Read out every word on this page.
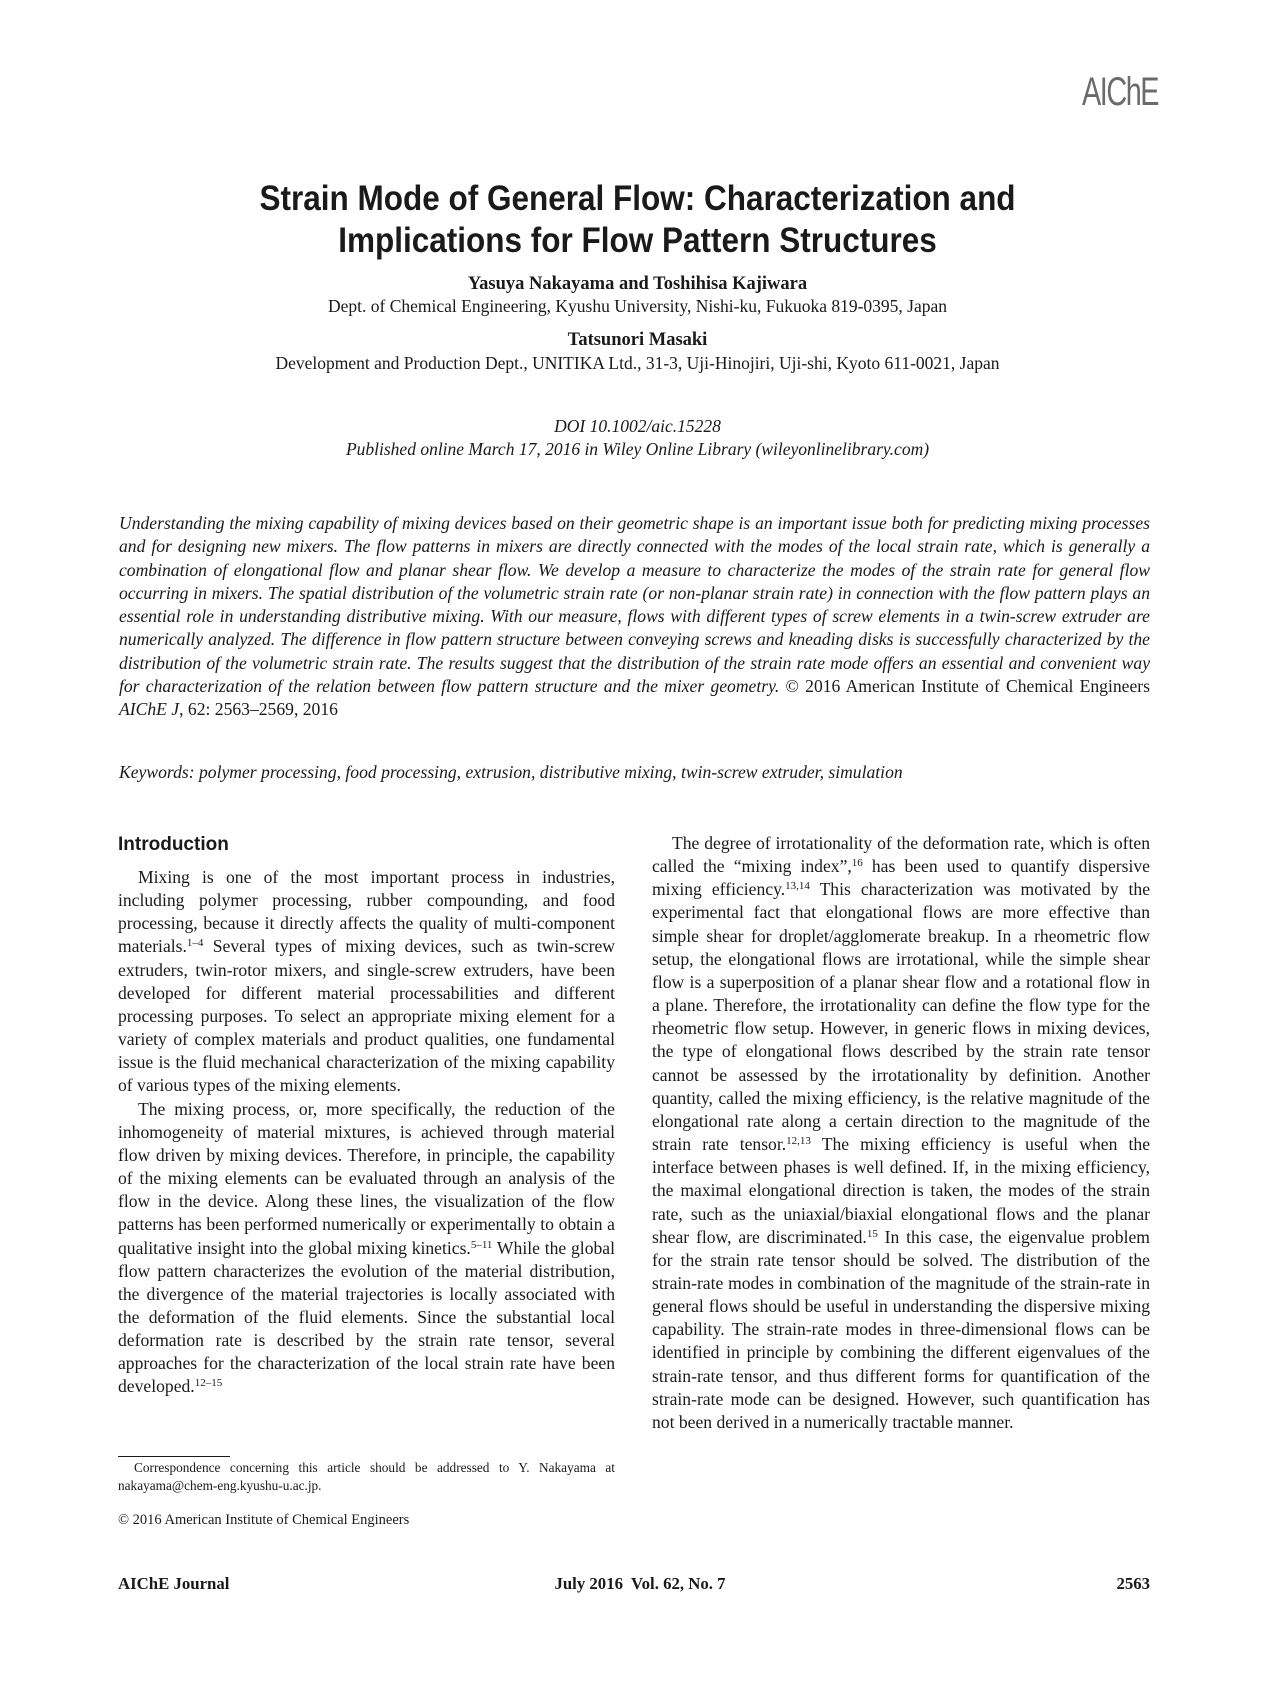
AIChE
Strain Mode of General Flow: Characterization and Implications for Flow Pattern Structures

Yasuya Nakayama and Toshihisa Kajiwara

Dept. of Chemical Engineering, Kyushu University, Nishi-ku, Fukuoka 819-0395, Japan

Tatsunori Masaki

Development and Production Dept., UNITIKA Ltd., 31-3, Uji-Hinojiri, Uji-shi, Kyoto 611-0021, Japan

DOI 10.1002/aic.15228

Published online March 17, 2016 in Wiley Online Library (wileyonlinelibrary.com)

Understanding the mixing capability of mixing devices based on their geometric shape is an important issue both for predicting mixing processes and for designing new mixers. The flow patterns in mixers are directly connected with the modes of the local strain rate, which is generally a combination of elongational flow and planar shear flow. We develop a measure to characterize the modes of the strain rate for general flow occurring in mixers. The spatial distribution of the volumetric strain rate (or non-planar strain rate) in connection with the flow pattern plays an essential role in understanding distributive mixing. With our measure, flows with different types of screw elements in a twin-screw extruder are numerically analyzed. The difference in flow pattern structure between conveying screws and kneading disks is successfully characterized by the distribution of the volumetric strain rate. The results suggest that the distribution of the strain rate mode offers an essential and convenient way for characterization of the relation between flow pattern structure and the mixer geometry. © 2016 American Institute of Chemical Engineers AIChE J, 62: 2563–2569, 2016

Keywords: polymer processing, food processing, extrusion, distributive mixing, twin-screw extruder, simulation

Introduction

Mixing is one of the most important process in industries, including polymer processing, rubber compounding, and food processing, because it directly affects the quality of multi-component materials.$^{1-4}$ Several types of mixing devices, such as twin-screw extruders, twin-rotor mixers, and single-screw extruders, have been developed for different material processabilities and different processing purposes. To select an appropriate mixing element for a variety of complex materials and product qualities, one fundamental issue is the fluid mechanical characterization of the mixing capability of various types of the mixing elements.

The mixing process, or, more specifically, the reduction of the inhomogeneity of material mixtures, is achieved through material flow driven by mixing devices. Therefore, in principle, the capability of the mixing elements can be evaluated through an analysis of the flow in the device. Along these lines, the visualization of the flow patterns has been performed numerically or experimentally to obtain a qualitative insight into the global mixing kinetics.$^{5-11}$ While the global flow pattern characterizes the evolution of the material distribution, the divergence of the material trajectories is locally associated with the deformation of the fluid elements. Since the substantial local deformation rate is described by the strain rate tensor, several approaches for the characterization of the local strain rate have been developed.$^{12-15}$

The degree of irrotationality of the deformation rate, which is often called the “mixing index”,$^{16}$ has been used to quantify dispersive mixing efficiency.$^{13,14}$ This characterization was motivated by the experimental fact that elongational flows are more effective than simple shear for droplet/agglomerate breakup. In a rheometric flow setup, the elongational flows are irrotational, while the simple shear flow is a superposition of a planar shear flow and a rotational flow in a plane. Therefore, the irrotationality can define the flow type for the rheometric flow setup. However, in generic flows in mixing devices, the type of elongational flows described by the strain rate tensor cannot be assessed by the irrotationality by definition. Another quantity, called the mixing efficiency, is the relative magnitude of the elongational rate along a certain direction to the magnitude of the strain rate tensor.$^{12,13}$ The mixing efficiency is useful when the interface between phases is well defined. If, in the mixing efficiency, the maximal elongational direction is taken, the modes of the strain rate, such as the uniaxial/biaxial elongational flows and the planar shear flow, are discriminated.$^{15}$ In this case, the eigenvalue problem for the strain rate tensor should be solved. The distribution of the strain-rate modes in combination of the magnitude of the strain-rate in general flows should be useful in understanding the dispersive mixing capability. The strain-rate modes in three-dimensional flows can be identified in principle by combining the different eigenvalues of the strain-rate tensor, and thus different forms for quantification of the strain-rate mode can be designed. However, such quantification has not been derived in a numerically tractable manner.

Correspondence concerning this article should be addressed to Y. Nakayama at nakayama@chem-eng.kyushu-u.ac.jp.

© 2016 American Institute of Chemical Engineers

AIChE Journal	July 2016  Vol. 62, No. 7	2563
